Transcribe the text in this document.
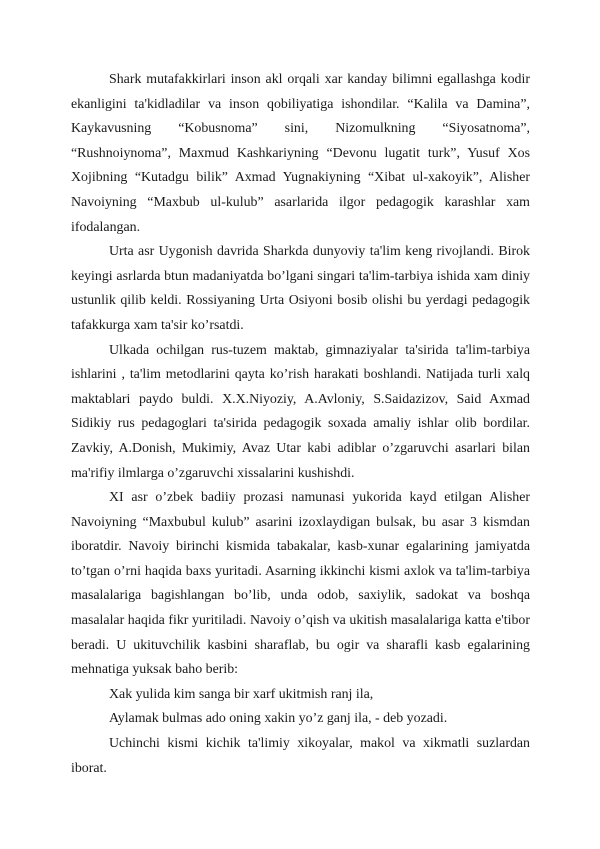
Shark mutafakkirlari inson akl orqali xar kanday bilimni egallashga kodir ekanligini ta'kidladilar va inson qobiliyatiga ishondilar. “Kalila va Damina”, Kaykavusning “Kobusnoma” sini, Nizomulkning “Siyosatnoma”, “Rushnoiynoma”, Maxmud Kashkariyning “Devonu lugatit turk”, Yusuf Xos Xojibning “Kutadgu bilik” Axmad Yugnakiyning “Xibat ul-xakoyik”, Alisher Navoiyning “Maxbub ul-kulub” asarlarida ilgor pedagogik karashlar xam ifodalangan.

Urta asr Uygonish davrida Sharkda dunyoviy ta'lim keng rivojlandi. Birok keyingi asrlarda btun madaniyatda bo’lgani singari ta'lim-tarbiya ishida xam diniy ustunlik qilib keldi. Rossiyaning Urta Osiyoni bosib olishi bu yerdagi pedagogik tafakkurga xam ta'sir ko’rsatdi.

Ulkada ochilgan rus-tuzem maktab, gimnaziyalar ta'sirida ta'lim-tarbiya ishlarini , ta'lim metodlarini qayta ko’rish harakati boshlandi. Natijada turli xalq maktablari paydo buldi. X.X.Niyoziy, A.Avloniy, S.Saidazizov, Said Axmad Sidikiy rus pedagoglari ta'sirida pedagogik soxada amaliy ishlar olib bordilar. Zavkiy, A.Donish, Mukimiy, Avaz Utar kabi adiblar o’zgaruvchi asarlari bilan ma'rifiy ilmlarga o’zgaruvchi xissalarini kushishdi.

XI asr o’zbek badiiy prozasi namunasi yukorida kayd etilgan Alisher Navoiyning “Maxbubul kulub” asarini izoxlaydigan bulsak, bu asar 3 kismdan iboratdir. Navoiy birinchi kismida tabakalar, kasb-xunar egalarining jamiyatda to’tgan o’rni haqida baxs yuritadi. Asarning ikkinchi kismi axlok va ta'lim-tarbiya masalalariga bagishlangan bo’lib, unda odob, saxiylik, sadokat va boshqa masalalar haqida fikr yuritiladi. Navoiy o’qish va ukitish masalalariga katta e'tibor beradi. U ukituvchilik kasbini sharaflab, bu ogir va sharafli kasb egalarining mehnatiga yuksak baho berib:

Xak yulida kim sanga bir xarf ukitmish ranj ila,

Aylamak bulmas ado oning xakin yo’z ganj ila, - deb yozadi.

Uchinchi kismi kichik ta'limiy xikoyalar, makol va xikmatli suzlardan iborat.
